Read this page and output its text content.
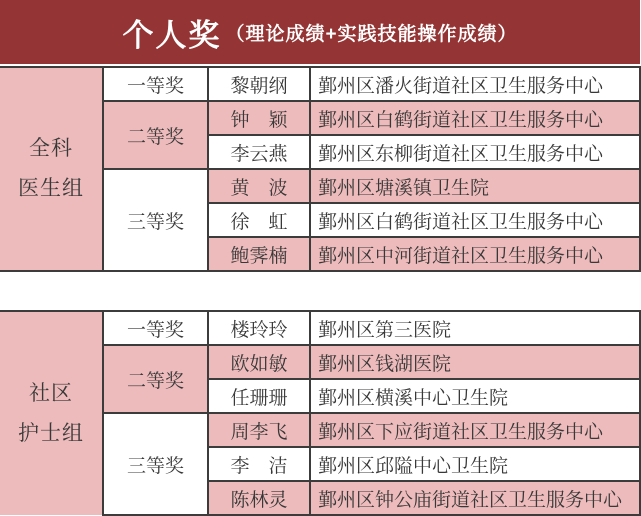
个人奖 （理论成绩+实践技能操作成绩）
全科
医生组	一等奖	黎朝纲	鄞州区潘火街道社区卫生服务中心
	二等奖	钟　颖	鄞州区白鹤街道社区卫生服务中心
		李云燕	鄞州区东柳街道社区卫生服务中心
	三等奖	黄　波	鄞州区塘溪镇卫生院
		徐　虹	鄞州区白鹤街道社区卫生服务中心
		鲍霁楠	鄞州区中河街道社区卫生服务中心
社区
护士组	一等奖	楼玲玲	鄞州区第三医院
	二等奖	欧如敏	鄞州区钱湖医院
		任珊珊	鄞州区横溪中心卫生院
	三等奖	周李飞	鄞州区下应街道社区卫生服务中心
		李　洁	鄞州区邱隘中心卫生院
		陈林灵	鄞州区钟公庙街道社区卫生服务中心
